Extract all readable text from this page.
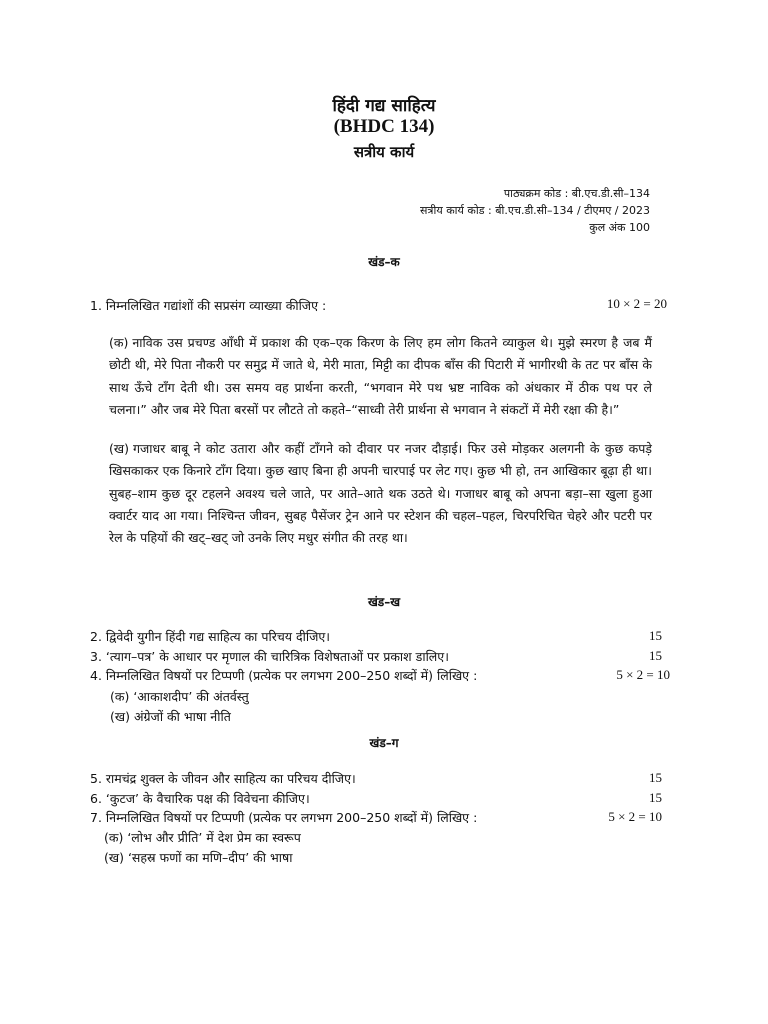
हिंदी गद्य साहित्य
(BHDC 134)
सत्रीय कार्य
पाठ्यक्रम कोड : बी.एच.डी.सी–134
सत्रीय कार्य कोड : बी.एच.डी.सी–134 / टीएमए / 2023
कुल अंक 100
खंड–क
1. निम्नलिखित गद्यांशों की सप्रसंग व्याख्या कीजिए :	10 × 2 = 20
(क) नाविक उस प्रचण्ड आँधी में प्रकाश की एक–एक किरण के लिए हम लोग कितने व्याकुल थे। मुझे स्मरण है जब मैं छोटी थी, मेरे पिता नौकरी पर समुद्र में जाते थे, मेरी माता, मिट्टी का दीपक बाँस की पिटारी में भागीरथी के तट पर बाँस के साथ ऊँचे टाँग देती थी। उस समय वह प्रार्थना करती, “भगवान मेरे पथ भ्रष्ट नाविक को अंधकार में ठीक पथ पर ले चलना।” और जब मेरे पिता बरसों पर लौटते तो कहते–“साध्वी तेरी प्रार्थना से भगवान ने संकटों में मेरी रक्षा की है।”
(ख) गजाधर बाबू ने कोट उतारा और कहीं टाँगने को दीवार पर नजर दौड़ाई। फिर उसे मोड़कर अलगनी के कुछ कपड़े खिसकाकर एक किनारे टाँग दिया। कुछ खाए बिना ही अपनी चारपाई पर लेट गए। कुछ भी हो, तन आखिकार बूढ़ा ही था। सुबह–शाम कुछ दूर टहलने अवश्य चले जाते, पर आते–आते थक उठते थे। गजाधर बाबू को अपना बड़ा–सा खुला हुआ क्वार्टर याद आ गया। निश्चिन्त जीवन, सुबह पैसेंजर ट्रेन आने पर स्टेशन की चहल–पहल, चिरपरिचित चेहरे और पटरी पर रेल के पहियों की खट्–खट् जो उनके लिए मधुर संगीत की तरह था।
खंड–ख
2. द्विवेदी युगीन हिंदी गद्य साहित्य का परिचय दीजिए।	15
3. ‘त्याग–पत्र’ के आधार पर मृणाल की चारित्रिक विशेषताओं पर प्रकाश डालिए।	15
4. निम्नलिखित विषयों पर टिप्पणी (प्रत्येक पर लगभग 200–250 शब्दों में) लिखिए :	5 × 2 = 10
(क) ‘आकाशदीप’ की अंतर्वस्तु
(ख) अंग्रेजों की भाषा नीति
खंड–ग
5. रामचंद्र शुक्ल के जीवन और साहित्य का परिचय दीजिए।	15
6. ‘कुटज’ के वैचारिक पक्ष की विवेचना कीजिए।	15
7. निम्नलिखित विषयों पर टिप्पणी (प्रत्येक पर लगभग 200–250 शब्दों में) लिखिए :	5 × 2 = 10
(क) ‘लोभ और प्रीति’ में देश प्रेम का स्वरूप
(ख) ‘सहस्र फणों का मणि–दीप’ की भाषा
